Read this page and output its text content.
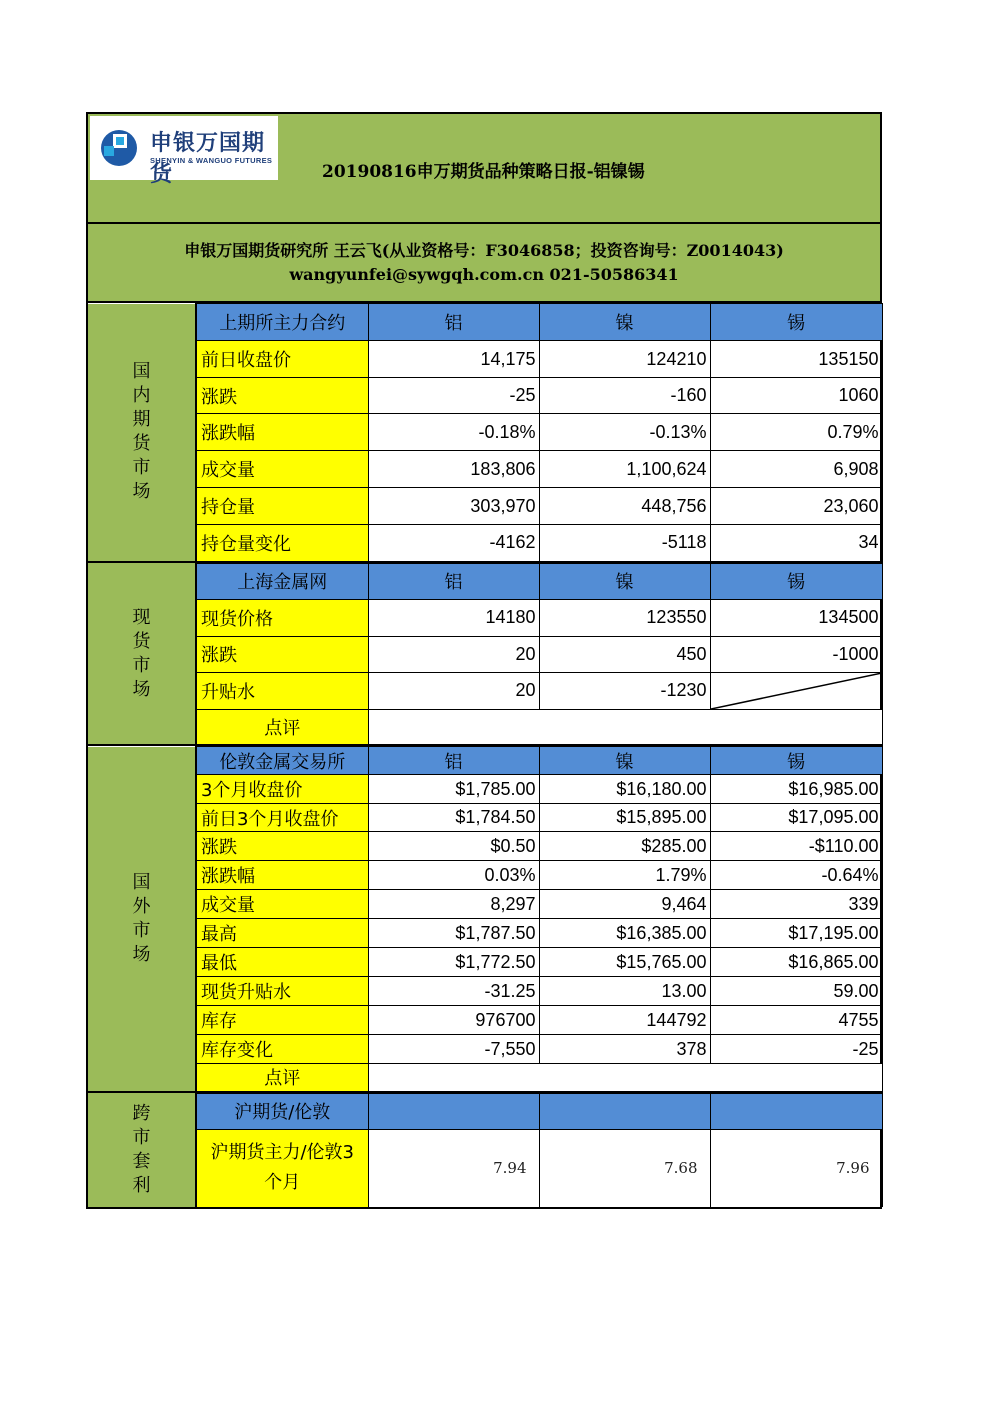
申银万国期货
SHENYIN & WANGUO FUTURES
20190816申万期货品种策略日报-铝镍锡
申银万国期货研究所 王云飞(从业资格号：F3046858；投资咨询号：Z0014043)
wangyunfei@sywgqh.com.cn 021-50586341
国内期货市场	上期所主力合约	铝	镍	锡
	前日收盘价	14,175	124210	135150
	涨跌	-25	-160	1060
	涨跌幅	-0.18%	-0.13%	0.79%
	成交量	183,806	1,100,624	6,908
	持仓量	303,970	448,756	23,060
	持仓量变化	-4162	-5118	34
现货市场	上海金属网	铝	镍	锡
	现货价格	14180	123550	134500
	涨跌	20	450	-1000
	升贴水	20	-1230	

	点评			
国外市场	伦敦金属交易所	铝	镍	锡
	3个月收盘价	$1,785.00	$16,180.00	$16,985.00
	前日3个月收盘价	$1,784.50	$15,895.00	$17,095.00
	涨跌	$0.50	$285.00	-$110.00
	涨跌幅	0.03%	1.79%	-0.64%
	成交量	8,297	9,464	339
	最高	$1,787.50	$16,385.00	$17,195.00
	最低	$1,772.50	$15,765.00	$16,865.00
	现货升贴水	-31.25	13.00	59.00
	库存	976700	144792	4755
	库存变化	-7,550	378	-25
	点评			
跨市套利	沪期货/伦敦			
	沪期货主力/伦敦3个月	7.94	7.68	7.96
